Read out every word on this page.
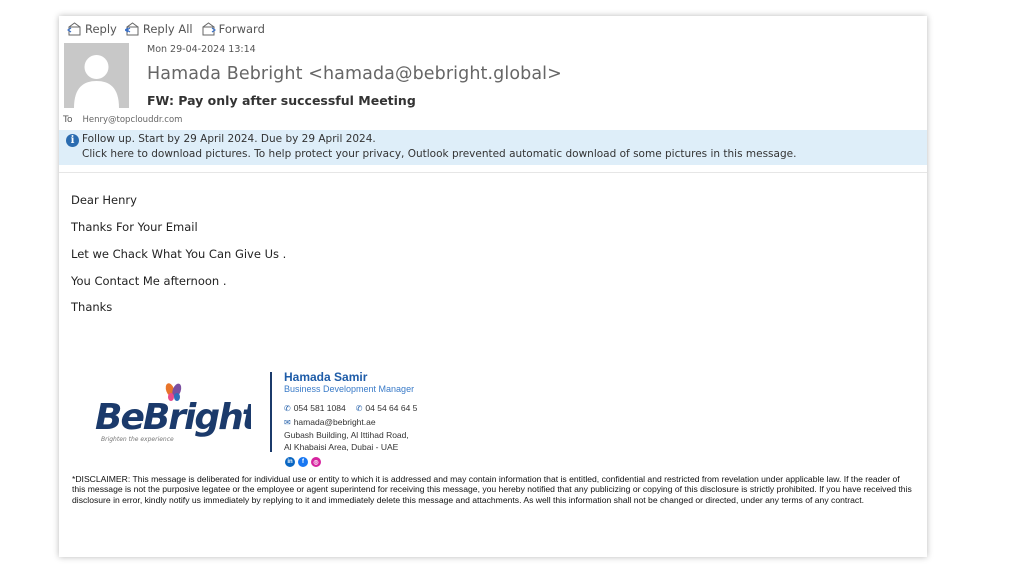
Reply Reply All Forward
Mon 29-04-2024 13:14
Hamada Bebright <hamada@bebright.global>
FW: Pay only after successful Meeting
To Henry@topclouddr.com
i Follow up. Start by 29 April 2024. Due by 29 April 2024.
Click here to download pictures. To help protect your privacy, Outlook prevented automatic download of some pictures in this message.
Dear Henry
Thanks For Your Email
Let we Chack What You Can Give Us .
You Contact Me afternoon .
Thanks
BeBright
Brighten the experience
Hamada Samir
Business Development Manager
✆ 054 581 1084 ✆ 04 54 64 64 5
✉ hamada@bebright.ae
Gubash Building, Al Ittihad Road,
Al Khabaisi Area, Dubai - UAE
in	f	◎
*DISCLAIMER: This message is deliberated for individual use or entity to which it is addressed and may contain information that is entitled, confidential and restricted from revelation under applicable law. If the reader of this message is not the purposive legatee or the employee or agent superintend for receiving this message, you hereby notified that any publicizing or copying of this disclosure is strictly prohibited. If you have received this disclosure in error, kindly notify us immediately by replying to it and immediately delete this message and attachments. As well this information shall not be changed or directed, under any terms of any contract.
